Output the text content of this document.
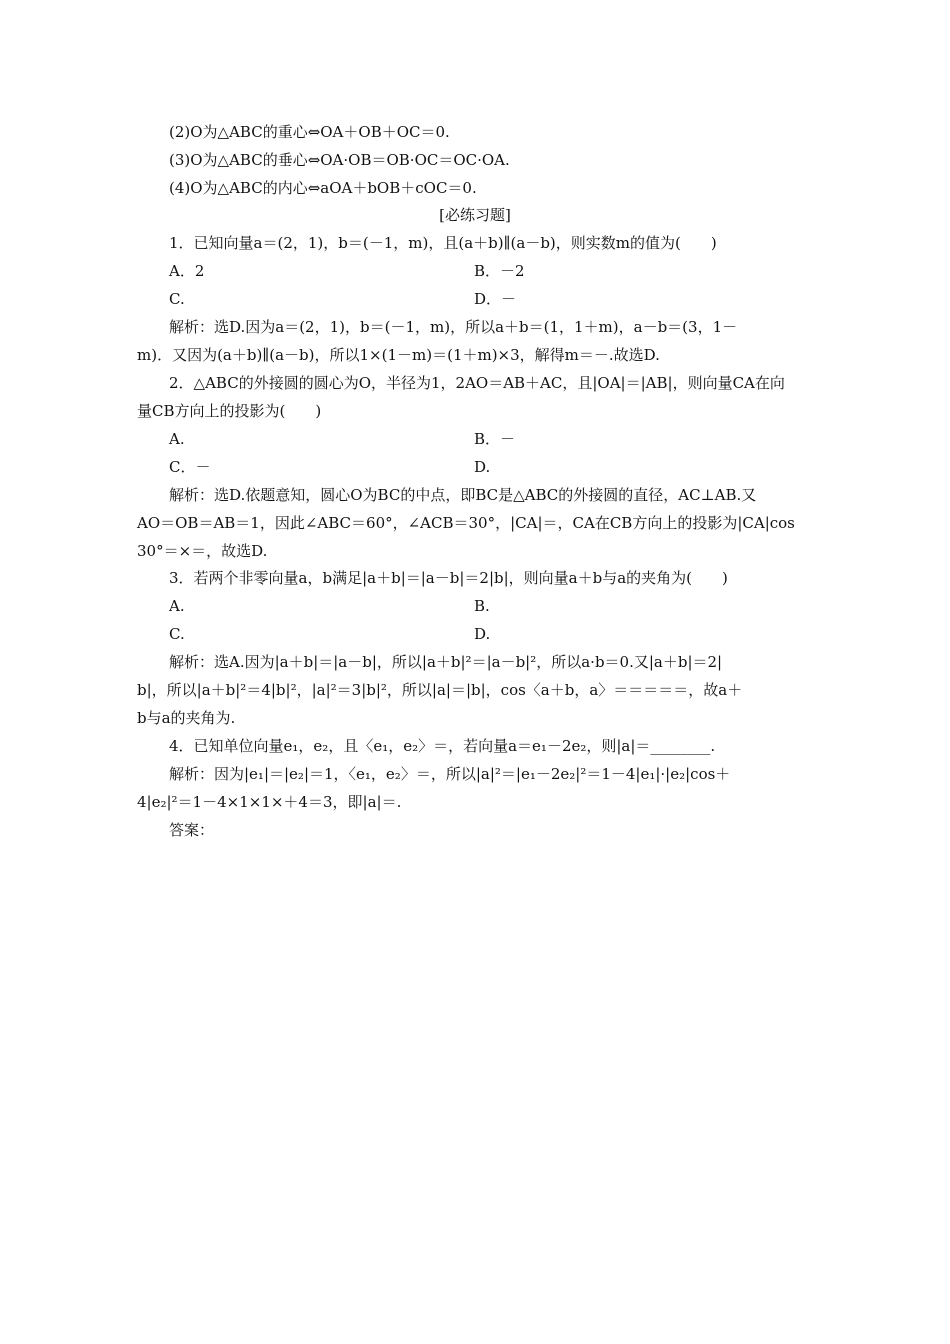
(2)O为△ABC的重心⇔OA＋OB＋OC＝0.
(3)O为△ABC的垂心⇔OA·OB＝OB·OC＝OC·OA.
(4)O为△ABC的内心⇔aOA＋bOB＋cOC＝0.
[必练习题]
1．已知向量a＝(2，1)，b＝(－1，m)，且(a＋b)∥(a－b)，则实数m的值为(　　)
A．2	B．－2
C.	D．－
解析：选D.因为a＝(2，1)，b＝(－1，m)，所以a＋b＝(1，1＋m)，a－b＝(3，1－
m)．又因为(a＋b)∥(a－b)，所以1×(1－m)＝(1＋m)×3，解得m＝－.故选D.
2．△ABC的外接圆的圆心为O，半径为1，2AO＝AB＋AC，且|OA|＝|AB|，则向量CA在向
量CB方向上的投影为(　　)
A.	B．－
C．－	D.
解析：选D.依题意知，圆心O为BC的中点，即BC是△ABC的外接圆的直径，AC⊥AB.又
AO＝OB＝AB＝1，因此∠ABC＝60°，∠ACB＝30°，|CA|＝，CA在CB方向上的投影为|CA|cos
30°＝×＝，故选D.
3．若两个非零向量a，b满足|a＋b|＝|a－b|＝2|b|，则向量a＋b与a的夹角为(　　)
A.	B.
C.	D.
解析：选A.因为|a＋b|＝|a－b|，所以|a＋b|²＝|a－b|²，所以a·b＝0.又|a＋b|＝2|
b|，所以|a＋b|²＝4|b|²，|a|²＝3|b|²，所以|a|＝|b|，cos〈a＋b，a〉＝＝＝＝＝，故a＋
b与a的夹角为.
4．已知单位向量e₁，e₂，且〈e₁，e₂〉＝，若向量a＝e₁－2e₂，则|a|＝________.
解析：因为|e₁|＝|e₂|＝1，〈e₁，e₂〉＝，所以|a|²＝|e₁－2e₂|²＝1－4|e₁|·|e₂|cos＋
4|e₂|²＝1－4×1×1×＋4＝3，即|a|＝.
答案：
